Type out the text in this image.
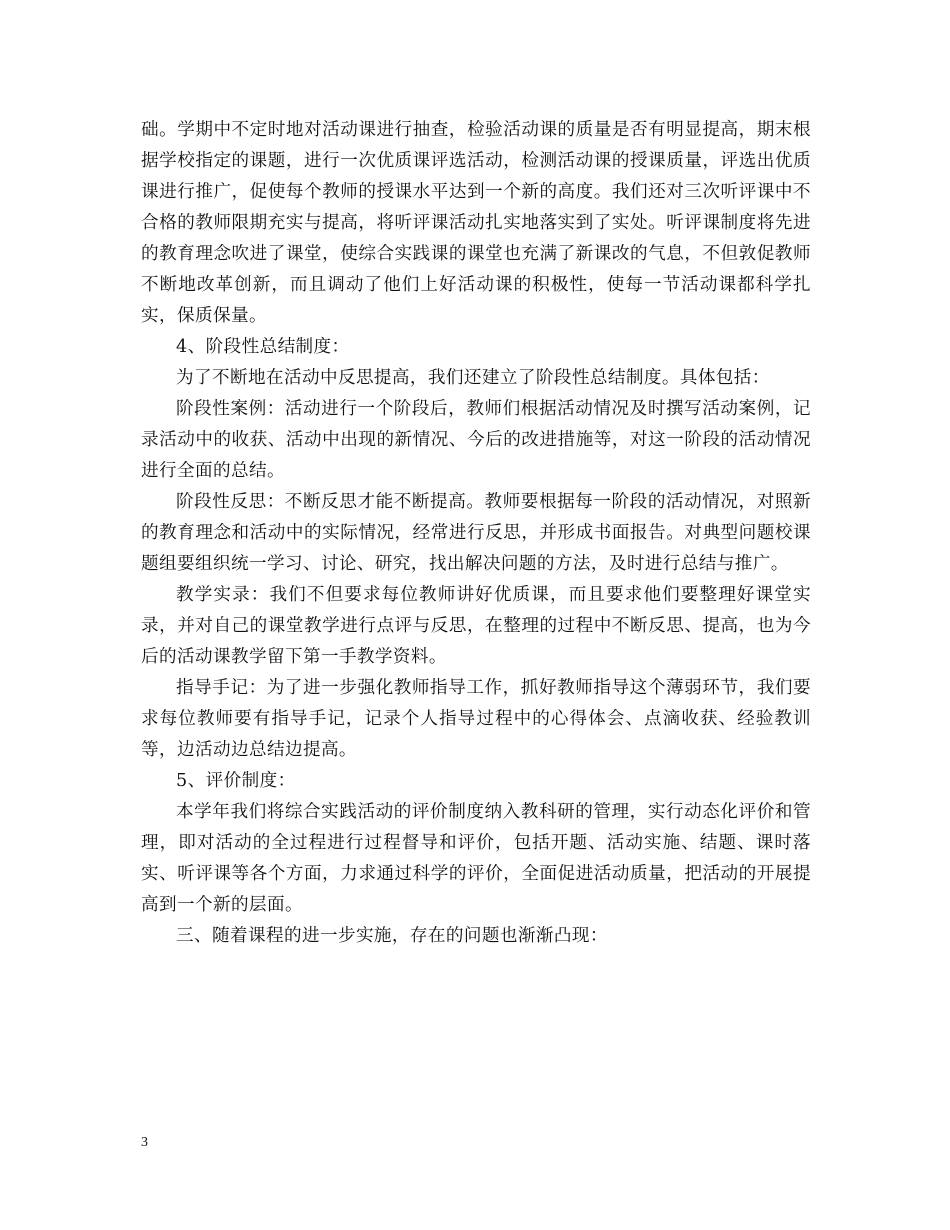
础。学期中不定时地对活动课进行抽查，检验活动课的质量是否有明显提高，期末根据学校指定的课题，进行一次优质课评选活动，检测活动课的授课质量，评选出优质课进行推广，促使每个教师的授课水平达到一个新的高度。我们还对三次听评课中不合格的教师限期充实与提高，将听评课活动扎实地落实到了实处。听评课制度将先进的教育理念吹进了课堂，使综合实践课的课堂也充满了新课改的气息，不但敦促教师不断地改革创新，而且调动了他们上好活动课的积极性，使每一节活动课都科学扎实，保质保量。

4、阶段性总结制度：

为了不断地在活动中反思提高，我们还建立了阶段性总结制度。具体包括：

阶段性案例：活动进行一个阶段后，教师们根据活动情况及时撰写活动案例，记录活动中的收获、活动中出现的新情况、今后的改进措施等，对这一阶段的活动情况进行全面的总结。

阶段性反思：不断反思才能不断提高。教师要根据每一阶段的活动情况，对照新的教育理念和活动中的实际情况，经常进行反思，并形成书面报告。对典型问题校课题组要组织统一学习、讨论、研究，找出解决问题的方法，及时进行总结与推广。

教学实录：我们不但要求每位教师讲好优质课，而且要求他们要整理好课堂实录，并对自己的课堂教学进行点评与反思，在整理的过程中不断反思、提高，也为今后的活动课教学留下第一手教学资料。

指导手记：为了进一步强化教师指导工作，抓好教师指导这个薄弱环节，我们要求每位教师要有指导手记，记录个人指导过程中的心得体会、点滴收获、经验教训等，边活动边总结边提高。

5、评价制度：

本学年我们将综合实践活动的评价制度纳入教科研的管理，实行动态化评价和管理，即对活动的全过程进行过程督导和评价，包括开题、活动实施、结题、课时落实、听评课等各个方面，力求通过科学的评价，全面促进活动质量，把活动的开展提高到一个新的层面。

三、随着课程的进一步实施，存在的问题也渐渐凸现：

3
